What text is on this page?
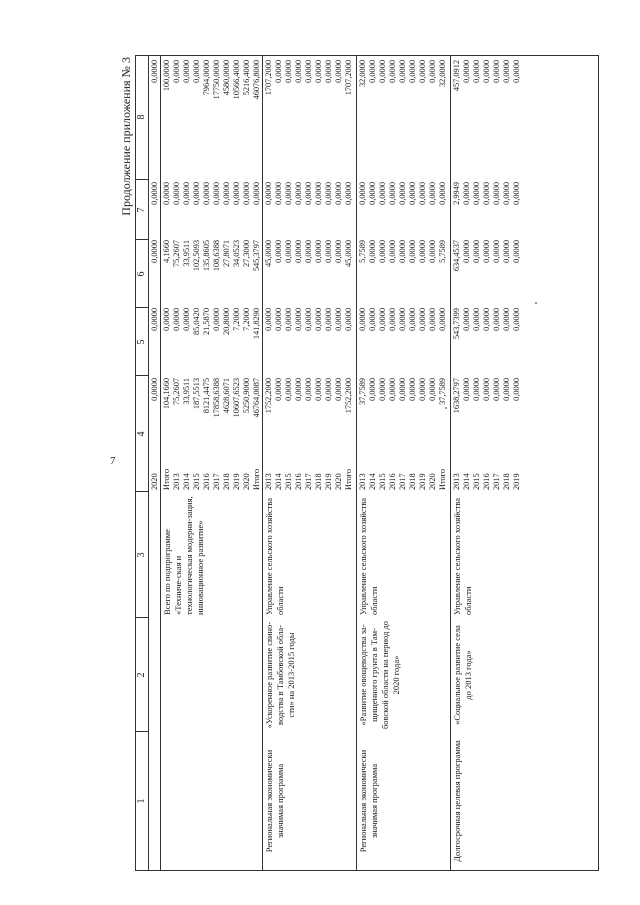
7
Продолжение приложения № 3
1
2
3
4
5
6
7
8
2020
0,0000
0,0000
0,0000
0,0000
0,0000
Всего по подпрограмме «Техниче-ская и технологическая модерни-зация, инновационное развитие»
Итого
104,1660
0,0000
4,1660
0,0000
100,0000
2013
75,2607
0,0000
75,2607
0,0000
0,0000
2014
33,9511
0,0000
33,9511
0,0000
0,0000
2015
187,5513
85,0420
102,5093
0,0000
0,0000
2016
8121,4475
21,5870
135,8605
0,0000
7964,0000
2017
17858,6388
0,0000
108,6388
0,0000
17750,0000
2018
4628,6071
20,8000
27,8071
0,0000
4580,0000
2019
10607,6523
7,2000
34,0523
0,0000
10566,4000
2020
5250,9000
7,2000
27,3000
0,0000
5216,4000
Итого
46764,0087
141,8290
545,3797
0,0000
46076,8000
Региональная экономически значимая программа
«Ускоренное развитие свино-водства в Тамбовской обла-сти» на 2013-2015 годы
Управление сельского хозяйства области
2013
1752,2000
0,0000
45,0000
0,0000
1707,2000
2014
0,0000
0,0000
0,0000
0,0000
0,0000
2015
0,0000
0,0000
0,0000
0,0000
0,0000
2016
0,0000
0,0000
0,0000
0,0000
0,0000
2017
0,0000
0,0000
0,0000
0,0000
0,0000
2018
0,0000
0,0000
0,0000
0,0000
0,0000
2019
0,0000
0,0000
0,0000
0,0000
0,0000
2020
0,0000
0,0000
0,0000
0,0000
0,0000
Итого
1752,2000
0,0000
45,0000
0,0000
1707,2000
Региональная экономически значимая программа
«Развитие овощеводства за-щищенного грунта в Там-бовской области на период до 2020 года»
Управление сельского хозяйства области
2013
37,7589
0,0000
5,7589
0,0000
32,0000
2014
0,0000
0,0000
0,0000
0,0000
0,0000
2015
0,0000
0,0000
0,0000
0,0000
0,0000
2016
0,0000
0,0000
0,0000
0,0000
0,0000
2017
0,0000
0,0000
0,0000
0,0000
0,0000
2018
0,0000
0,0000
0,0000
0,0000
0,0000
2019
0,0000
0,0000
0,0000
0,0000
0,0000
2020
0,0000
0,0000
0,0000
0,0000
0,0000
Итого
37,7589
0,0000
5,7589
0,0000
32,0000
Долгосрочная целевая программа
«Социальное развитие села до 2013 года»
Управление сельского хозяйства области
2013
1638,2797
543,7399
634,4537
2,9949
457,0912
2014
0,0000
0,0000
0,0000
0,0000
0,0000
2015
0,0000
0,0000
0,0000
0,0000
0,0000
2016
0,0000
0,0000
0,0000
0,0000
0,0000
2017
0,0000
0,0000
0,0000
0,0000
0,0000
2018
0,0000
0,0000
0,0000
0,0000
0,0000
2019
0,0000
0,0000
0,0000
0,0000
0,0000
